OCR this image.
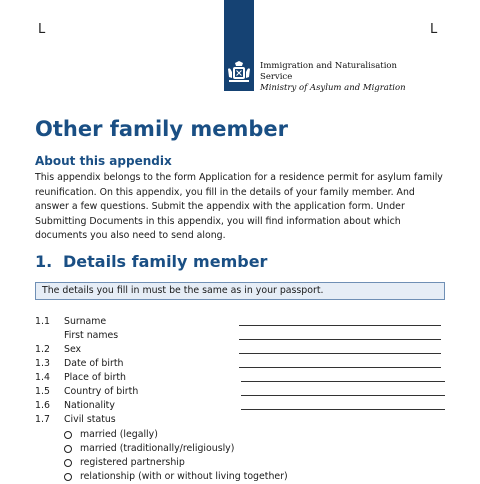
L	L
Immigration and Naturalisation
Service
Ministry of Asylum and Migration
Other family member
About this appendix

This appendix belongs to the form Application for a residence permit for asylum family reunification. On this appendix, you fill in the details of your family member. And answer a few questions. Submit the appendix with the application form. Under Submitting Documents in this appendix, you will find information about which documents you also need to send along.

1. Details family member
The details you fill in must be the same as in your passport.
1.1 Surname
First names
1.2 Sex
1.3 Date of birth
1.4 Place of birth
1.5 Country of birth
1.6 Nationality
1.7 Civil status
married (legally)
married (traditionally/religiously)
registered partnership
relationship (with or without living together)
